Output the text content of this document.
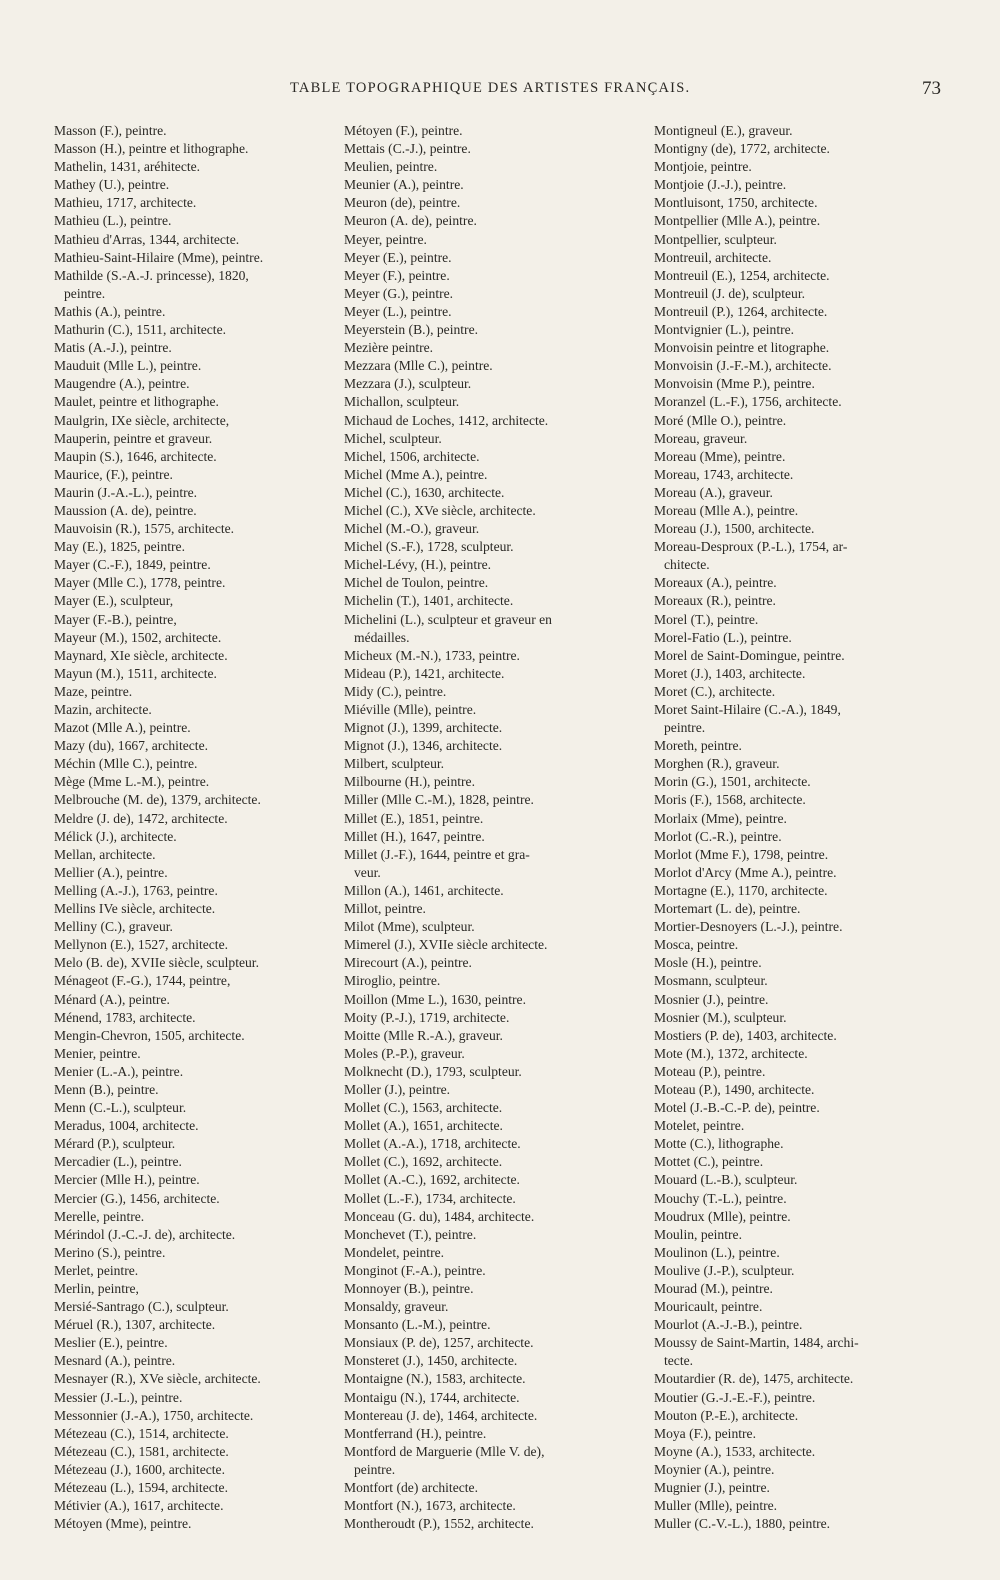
TABLE TOPOGRAPHIQUE DES ARTISTES FRANÇAIS.	73
Masson (F.), peintre.
Masson (H.), peintre et lithographe.
Mathelin, 1431, aréhitecte.
Mathey (U.), peintre.
Mathieu, 1717, architecte.
Mathieu (L.), peintre.
Mathieu d'Arras, 1344, architecte.
Mathieu-Saint-Hilaire (Mme), peintre.
Mathilde (S.-A.-J. princesse), 1820,
peintre.
Mathis (A.), peintre.
Mathurin (C.), 1511, architecte.
Matis (A.-J.), peintre.
Mauduit (Mlle L.), peintre.
Maugendre (A.), peintre.
Maulet, peintre et lithographe.
Maulgrin, IXe siècle, architecte,
Mauperin, peintre et graveur.
Maupin (S.), 1646, architecte.
Maurice, (F.), peintre.
Maurin (J.-A.-L.), peintre.
Maussion (A. de), peintre.
Mauvoisin (R.), 1575, architecte.
May (E.), 1825, peintre.
Mayer (C.-F.), 1849, peintre.
Mayer (Mlle C.), 1778, peintre.
Mayer (E.), sculpteur,
Mayer (F.-B.), peintre,
Mayeur (M.), 1502, architecte.
Maynard, XIe siècle, architecte.
Mayun (M.), 1511, architecte.
Maze, peintre.
Mazin, architecte.
Mazot (Mlle A.), peintre.
Mazy (du), 1667, architecte.
Méchin (Mlle C.), peintre.
Mège (Mme L.-M.), peintre.
Melbrouche (M. de), 1379, architecte.
Meldre (J. de), 1472, architecte.
Mélick (J.), architecte.
Mellan, architecte.
Mellier (A.), peintre.
Melling (A.-J.), 1763, peintre.
Mellins IVe siècle, architecte.
Melliny (C.), graveur.
Mellynon (E.), 1527, architecte.
Melo (B. de), XVIIe siècle, sculpteur.
Ménageot (F.-G.), 1744, peintre,
Ménard (A.), peintre.
Ménend, 1783, architecte.
Mengin-Chevron, 1505, architecte.
Menier, peintre.
Menier (L.-A.), peintre.
Menn (B.), peintre.
Menn (C.-L.), sculpteur.
Meradus, 1004, architecte.
Mérard (P.), sculpteur.
Mercadier (L.), peintre.
Mercier (Mlle H.), peintre.
Mercier (G.), 1456, architecte.
Merelle, peintre.
Mérindol (J.-C.-J. de), architecte.
Merino (S.), peintre.
Merlet, peintre.
Merlin, peintre,
Mersié-Santrago (C.), sculpteur.
Méruel (R.), 1307, architecte.
Meslier (E.), peintre.
Mesnard (A.), peintre.
Mesnayer (R.), XVe siècle, architecte.
Messier (J.-L.), peintre.
Messonnier (J.-A.), 1750, architecte.
Métezeau (C.), 1514, architecte.
Métezeau (C.), 1581, architecte.
Métezeau (J.), 1600, architecte.
Métezeau (L.), 1594, architecte.
Métivier (A.), 1617, architecte.
Métoyen (Mme), peintre.
Métoyen (F.), peintre.
Mettais (C.-J.), peintre.
Meulien, peintre.
Meunier (A.), peintre.
Meuron (de), peintre.
Meuron (A. de), peintre.
Meyer, peintre.
Meyer (E.), peintre.
Meyer (F.), peintre.
Meyer (G.), peintre.
Meyer (L.), peintre.
Meyerstein (B.), peintre.
Mezière peintre.
Mezzara (Mlle C.), peintre.
Mezzara (J.), sculpteur.
Michallon, sculpteur.
Michaud de Loches, 1412, architecte.
Michel, sculpteur.
Michel, 1506, architecte.
Michel (Mme A.), peintre.
Michel (C.), 1630, architecte.
Michel (C.), XVe siècle, architecte.
Michel (M.-O.), graveur.
Michel (S.-F.), 1728, sculpteur.
Michel-Lévy, (H.), peintre.
Michel de Toulon, peintre.
Michelin (T.), 1401, architecte.
Michelini (L.), sculpteur et graveur en
médailles.
Micheux (M.-N.), 1733, peintre.
Mideau (P.), 1421, architecte.
Midy (C.), peintre.
Miéville (Mlle), peintre.
Mignot (J.), 1399, architecte.
Mignot (J.), 1346, architecte.
Milbert, sculpteur.
Milbourne (H.), peintre.
Miller (Mlle C.-M.), 1828, peintre.
Millet (E.), 1851, peintre.
Millet (H.), 1647, peintre.
Millet (J.-F.), 1644, peintre et gra-
veur.
Millon (A.), 1461, architecte.
Millot, peintre.
Milot (Mme), sculpteur.
Mimerel (J.), XVIIe siècle architecte.
Mirecourt (A.), peintre.
Miroglio, peintre.
Moillon (Mme L.), 1630, peintre.
Moity (P.-J.), 1719, architecte.
Moitte (Mlle R.-A.), graveur.
Moles (P.-P.), graveur.
Molknecht (D.), 1793, sculpteur.
Moller (J.), peintre.
Mollet (C.), 1563, architecte.
Mollet (A.), 1651, architecte.
Mollet (A.-A.), 1718, architecte.
Mollet (C.), 1692, architecte.
Mollet (A.-C.), 1692, architecte.
Mollet (L.-F.), 1734, architecte.
Monceau (G. du), 1484, architecte.
Monchevet (T.), peintre.
Mondelet, peintre.
Monginot (F.-A.), peintre.
Monnoyer (B.), peintre.
Monsaldy, graveur.
Monsanto (L.-M.), peintre.
Monsiaux (P. de), 1257, architecte.
Monsteret (J.), 1450, architecte.
Montaigne (N.), 1583, architecte.
Montaigu (N.), 1744, architecte.
Montereau (J. de), 1464, architecte.
Montferrand (H.), peintre.
Montford de Marguerie (Mlle V. de),
peintre.
Montfort (de) architecte.
Montfort (N.), 1673, architecte.
Montheroudt (P.), 1552, architecte.
Montigneul (E.), graveur.
Montigny (de), 1772, architecte.
Montjoie, peintre.
Montjoie (J.-J.), peintre.
Montluisont, 1750, architecte.
Montpellier (Mlle A.), peintre.
Montpellier, sculpteur.
Montreuil, architecte.
Montreuil (E.), 1254, architecte.
Montreuil (J. de), sculpteur.
Montreuil (P.), 1264, architecte.
Montvignier (L.), peintre.
Monvoisin peintre et litographe.
Monvoisin (J.-F.-M.), architecte.
Monvoisin (Mme P.), peintre.
Moranzel (L.-F.), 1756, architecte.
Moré (Mlle O.), peintre.
Moreau, graveur.
Moreau (Mme), peintre.
Moreau, 1743, architecte.
Moreau (A.), graveur.
Moreau (Mlle A.), peintre.
Moreau (J.), 1500, architecte.
Moreau-Desproux (P.-L.), 1754, ar-
chitecte.
Moreaux (A.), peintre.
Moreaux (R.), peintre.
Morel (T.), peintre.
Morel-Fatio (L.), peintre.
Morel de Saint-Domingue, peintre.
Moret (J.), 1403, architecte.
Moret (C.), architecte.
Moret Saint-Hilaire (C.-A.), 1849,
peintre.
Moreth, peintre.
Morghen (R.), graveur.
Morin (G.), 1501, architecte.
Moris (F.), 1568, architecte.
Morlaix (Mme), peintre.
Morlot (C.-R.), peintre.
Morlot (Mme F.), 1798, peintre.
Morlot d'Arcy (Mme A.), peintre.
Mortagne (E.), 1170, architecte.
Mortemart (L. de), peintre.
Mortier-Desnoyers (L.-J.), peintre.
Mosca, peintre.
Mosle (H.), peintre.
Mosmann, sculpteur.
Mosnier (J.), peintre.
Mosnier (M.), sculpteur.
Mostiers (P. de), 1403, architecte.
Mote (M.), 1372, architecte.
Moteau (P.), peintre.
Moteau (P.), 1490, architecte.
Motel (J.-B.-C.-P. de), peintre.
Motelet, peintre.
Motte (C.), lithographe.
Mottet (C.), peintre.
Mouard (L.-B.), sculpteur.
Mouchy (T.-L.), peintre.
Moudrux (Mlle), peintre.
Moulin, peintre.
Moulinon (L.), peintre.
Moulive (J.-P.), sculpteur.
Mourad (M.), peintre.
Mouricault, peintre.
Mourlot (A.-J.-B.), peintre.
Moussy de Saint-Martin, 1484, archi-
tecte.
Moutardier (R. de), 1475, architecte.
Moutier (G.-J.-E.-F.), peintre.
Mouton (P.-E.), architecte.
Moya (F.), peintre.
Moyne (A.), 1533, architecte.
Moynier (A.), peintre.
Mugnier (J.), peintre.
Muller (Mlle), peintre.
Muller (C.-V.-L.), 1880, peintre.
